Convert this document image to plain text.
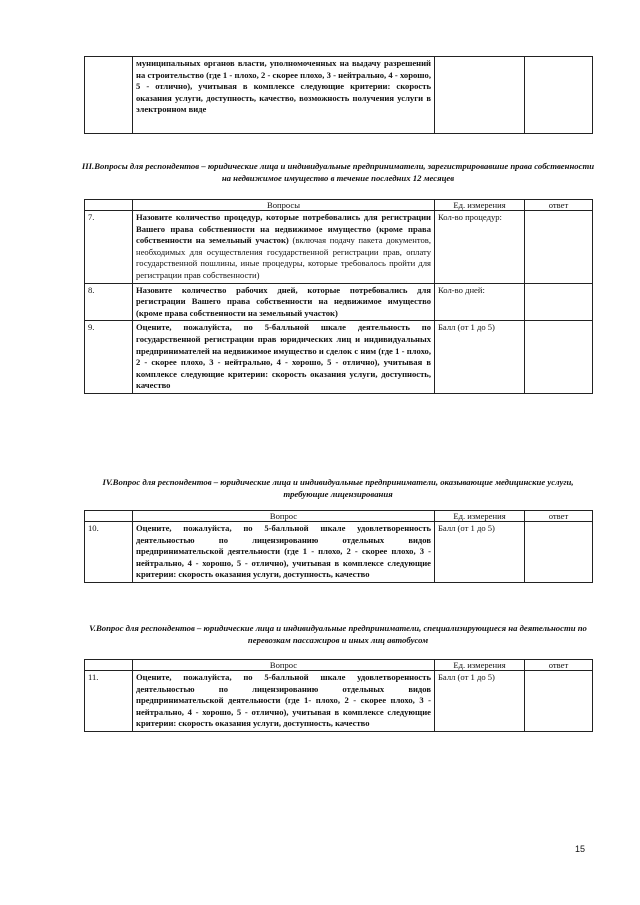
	муниципальных органов власти, уполномоченных на выдачу разрешений на строительство (где 1 - плохо, 2 - скорее плохо, 3 - нейтрально, 4 - хорошо, 5 - отлично), учитывая в комплексе следующие критерии: скорость оказания услуги, доступность, качество, возможность получения услуги в электронном виде		
III.Вопросы для респондентов – юридические лица и индивидуальные предприниматели, зарегистрировавшие права собственности на недвижимое имущество в течение последних 12 месяцев
	Вопросы	Ед. измерения	ответ
7.	Назовите количество процедур, которые потребовались для регистрации Вашего права собственности на недвижимое имущество (кроме права собственности на земельный участок) (включая подачу пакета документов, необходимых для осуществления государственной регистрации прав, оплату государственной пошлины, иные процедуры, которые требовалось пройти для регистрации прав собственности)	Кол-во процедур:	
8.	Назовите количество рабочих дней, которые потребовались для регистрации Вашего права собственности на недвижимое имущество (кроме права собственности на земельный участок)	Кол-во дней:	
9.	Оцените, пожалуйста, по 5-балльной шкале деятельность по государственной регистрации прав юридических лиц и индивидуальных предпринимателей на недвижимое имущество и сделок с ним (где 1 - плохо, 2 - скорее плохо, 3 - нейтрально, 4 - хорошо, 5 - отлично), учитывая в комплексе следующие критерии: скорость оказания услуги, доступность, качество	Балл (от 1 до 5)	
IV.Вопрос для респондентов – юридические лица и индивидуальные предприниматели, оказывающие медицинские услуги, требующие лицензирования
	Вопрос	Ед. измерения	ответ
10.	Оцените, пожалуйста, по 5-балльной шкале удовлетворенность деятельностью по лицензированию отдельных видов предпринимательской деятельности (где 1 - плохо, 2 - скорее плохо, 3 - нейтрально, 4 - хорошо, 5 - отлично), учитывая в комплексе следующие критерии: скорость оказания услуги, доступность, качество	Балл (от 1 до 5)	
V.Вопрос для респондентов – юридические лица и индивидуальные предприниматели, специализирующиеся на деятельности по перевозкам пассажиров и иных лиц автобусом
	Вопрос	Ед. измерения	ответ
11.	Оцените, пожалуйста, по 5-балльной шкале удовлетворенность деятельностью по лицензированию отдельных видов предпринимательской деятельности (где 1- плохо, 2 - скорее плохо, 3 - нейтрально, 4 - хорошо, 5 - отлично), учитывая в комплексе следующие критерии: скорость оказания услуги, доступность, качество	Балл (от 1 до 5)	
15
